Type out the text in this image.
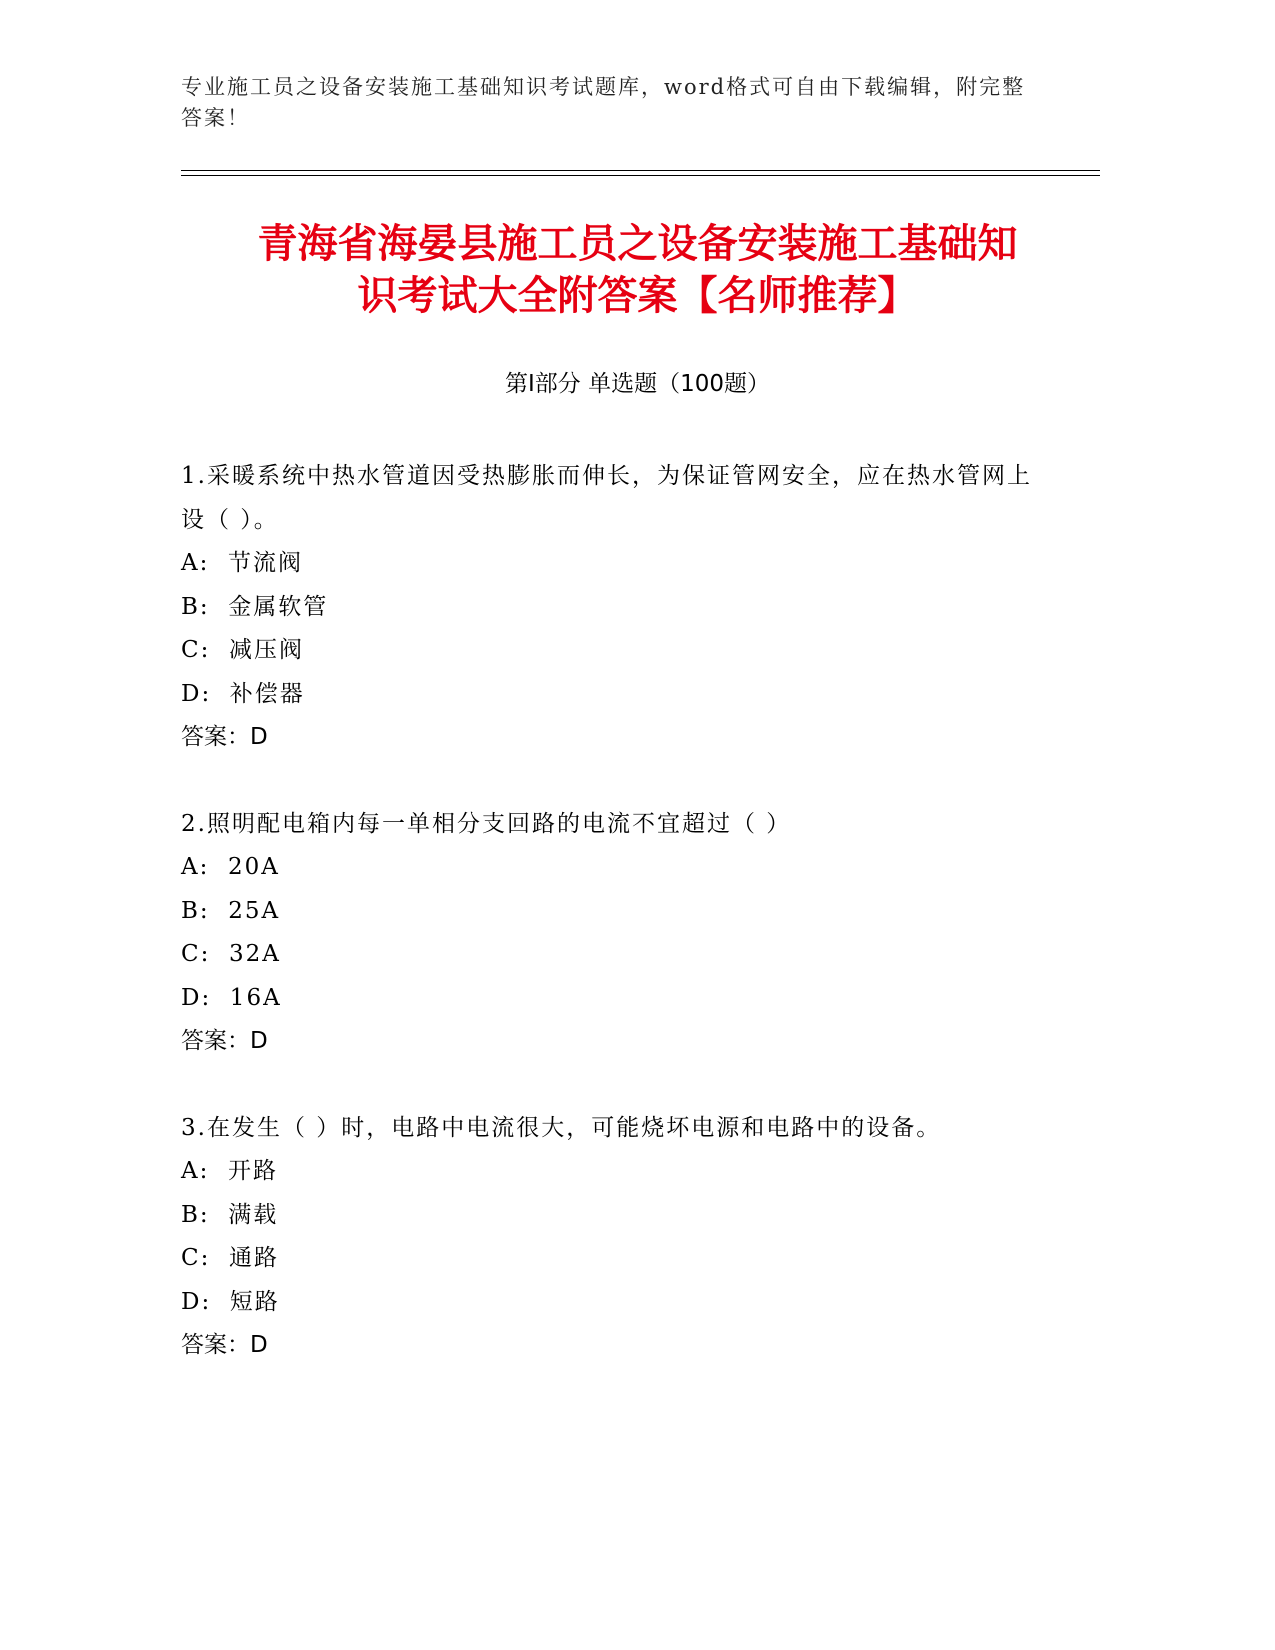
专业施工员之设备安装施工基础知识考试题库，word格式可自由下载编辑，附完整答案！
青海省海晏县施工员之设备安装施工基础知
识考试大全附答案【名师推荐】
第Ⅰ部分 单选题（100题）
1.采暖系统中热水管道因受热膨胀而伸长，为保证管网安全，应在热水管网上设（ ）。
A:  节流阀
B:  金属软管
C:  减压阀
D:  补偿器
答案：D
2.照明配电箱内每一单相分支回路的电流不宜超过（ ）
A:  20A
B:  25A
C:  32A
D:  16A
答案：D
3.在发生（ ）时，电路中电流很大，可能烧坏电源和电路中的设备。
A:  开路
B:  满载
C:  通路
D:  短路
答案：D
